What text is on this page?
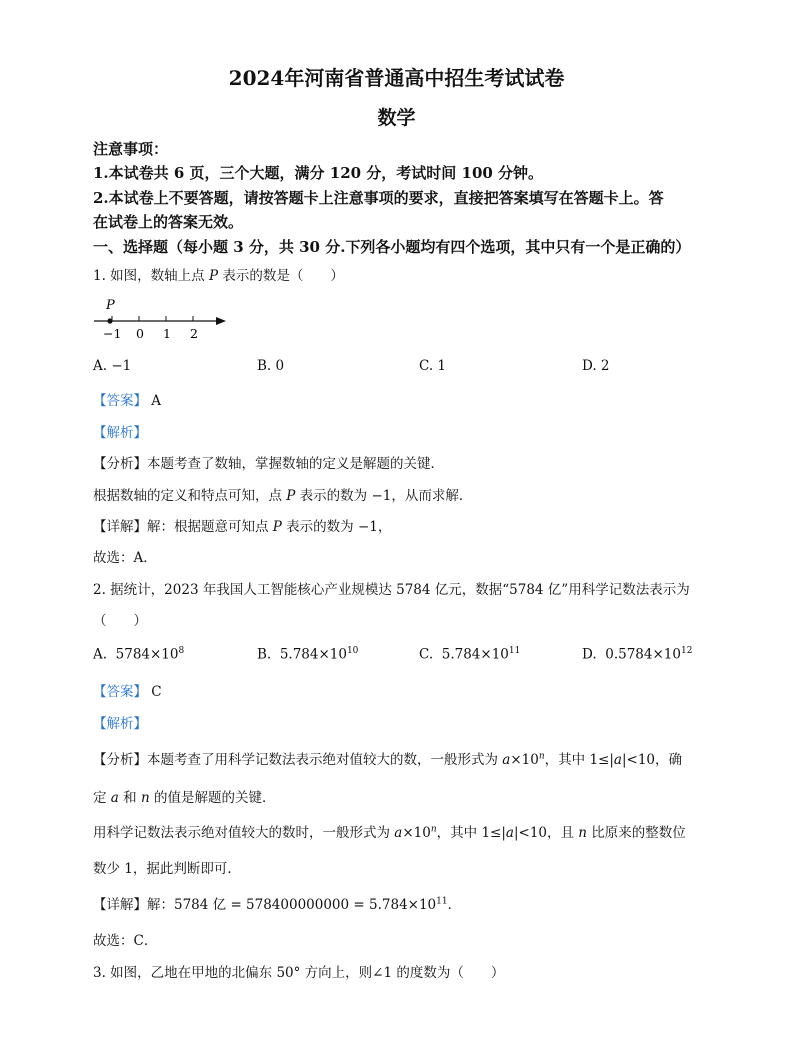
2024年河南省普通高中招生考试试卷
数学
注意事项：
1.本试卷共 6 页，三个大题，满分 120 分，考试时间 100 分钟。
2.本试卷上不要答题，请按答题卡上注意事项的要求，直接把答案填写在答题卡上。答
在试卷上的答案无效。
一、选择题（每小题 3 分，共 30 分.下列各小题均有四个选项，其中只有一个是正确的）
1. 如图，数轴上点 P 表示的数是（　　）
P
−1 0 1 2
A. −1	B. 0	C. 1	D. 2
【答案】 A
【解析】
【分析】本题考查了数轴，掌握数轴的定义是解题的关键．
根据数轴的定义和特点可知，点 P 表示的数为 −1，从而求解．
【详解】解：根据题意可知点 P 表示的数为 −1，
故选：A．
2. 据统计，2023 年我国人工智能核心产业规模达 5784 亿元，数据“5784 亿”用科学记数法表示为
（　　）
A. $5784\times 10^8$	B. $5.784\times 10^{10}$	C. $5.784\times 10^{11}$	D. $0.5784\times 10^{12}$
【答案】 C
【解析】
【分析】本题考查了用科学记数法表示绝对值较大的数，一般形式为 $a\times 10^n$，其中 1≤|a|<10，确
定 a 和 n 的值是解题的关键．
用科学记数法表示绝对值较大的数时，一般形式为 $a\times 10^n$，其中 1≤|a|<10，且 n 比原来的整数位
数少 1，据此判断即可．
【详解】解：5784 亿 = $578400000000 = 5.784\times 10^{11}$．
故选：C．
3. 如图，乙地在甲地的北偏东 50° 方向上，则∠1 的度数为（　　）
